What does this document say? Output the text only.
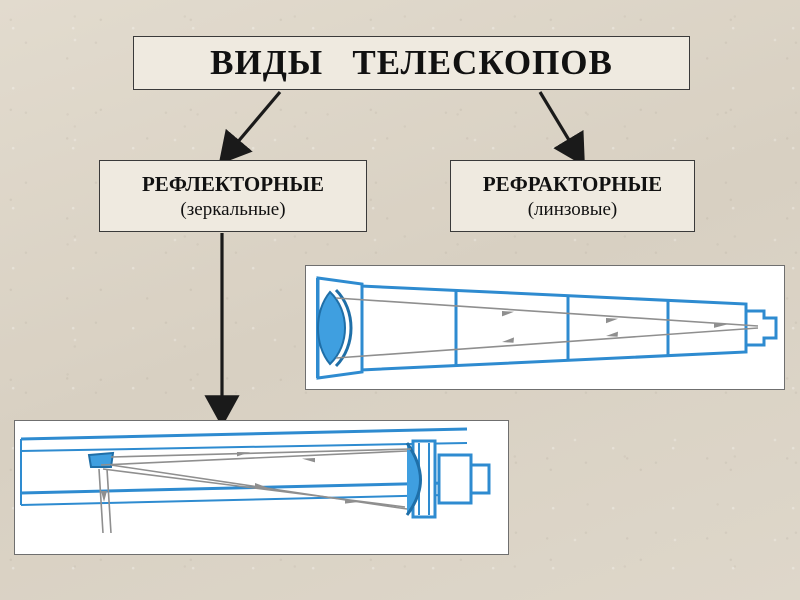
ВИДЫ   ТЕЛЕСКОПОВ
РЕФЛЕКТОРНЫЕ
(зеркальные)
РЕФРАКТОРНЫЕ
(линзовые)
